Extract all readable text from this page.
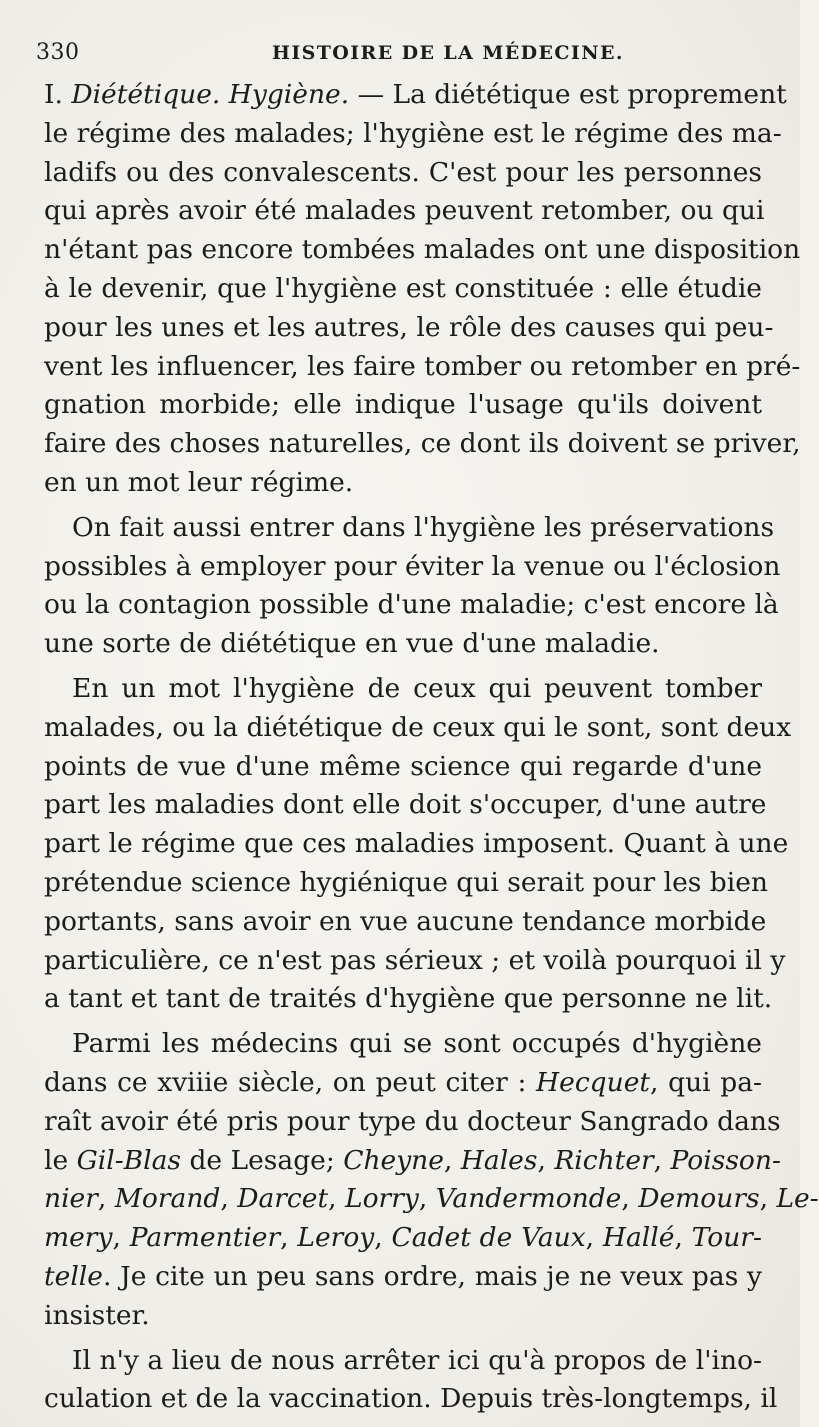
330	HISTOIRE DE LA MÉDECINE.
I. Diététique. Hygiène. — La diététique est proprement
le régime des malades; l'hygiène est le régime des ma-
ladifs ou des convalescents. C'est pour les personnes
qui après avoir été malades peuvent retomber, ou qui
n'étant pas encore tombées malades ont une disposition
à le devenir, que l'hygiène est constituée : elle étudie
pour les unes et les autres, le rôle des causes qui peu-
vent les influencer, les faire tomber ou retomber en pré-
gnation morbide; elle indique l'usage qu'ils doivent
faire des choses naturelles, ce dont ils doivent se priver,
en un mot leur régime.
On fait aussi entrer dans l'hygiène les préservations
possibles à employer pour éviter la venue ou l'éclosion
ou la contagion possible d'une maladie; c'est encore là
une sorte de diététique en vue d'une maladie.
En un mot l'hygiène de ceux qui peuvent tomber
malades, ou la diététique de ceux qui le sont, sont deux
points de vue d'une même science qui regarde d'une
part les maladies dont elle doit s'occuper, d'une autre
part le régime que ces maladies imposent. Quant à une
prétendue science hygiénique qui serait pour les bien
portants, sans avoir en vue aucune tendance morbide
particulière, ce n'est pas sérieux ; et voilà pourquoi il y
a tant et tant de traités d'hygiène que personne ne lit.
Parmi les médecins qui se sont occupés d'hygiène
dans ce xviiie siècle, on peut citer : Hecquet, qui pa-
raît avoir été pris pour type du docteur Sangrado dans
le Gil-Blas de Lesage; Cheyne, Hales, Richter, Poisson-
nier, Morand, Darcet, Lorry, Vandermonde, Demours, Le-
mery, Parmentier, Leroy, Cadet de Vaux, Hallé, Tour-
telle. Je cite un peu sans ordre, mais je ne veux pas y
insister.
Il n'y a lieu de nous arrêter ici qu'à propos de l'ino-
culation et de la vaccination. Depuis très-longtemps, il
